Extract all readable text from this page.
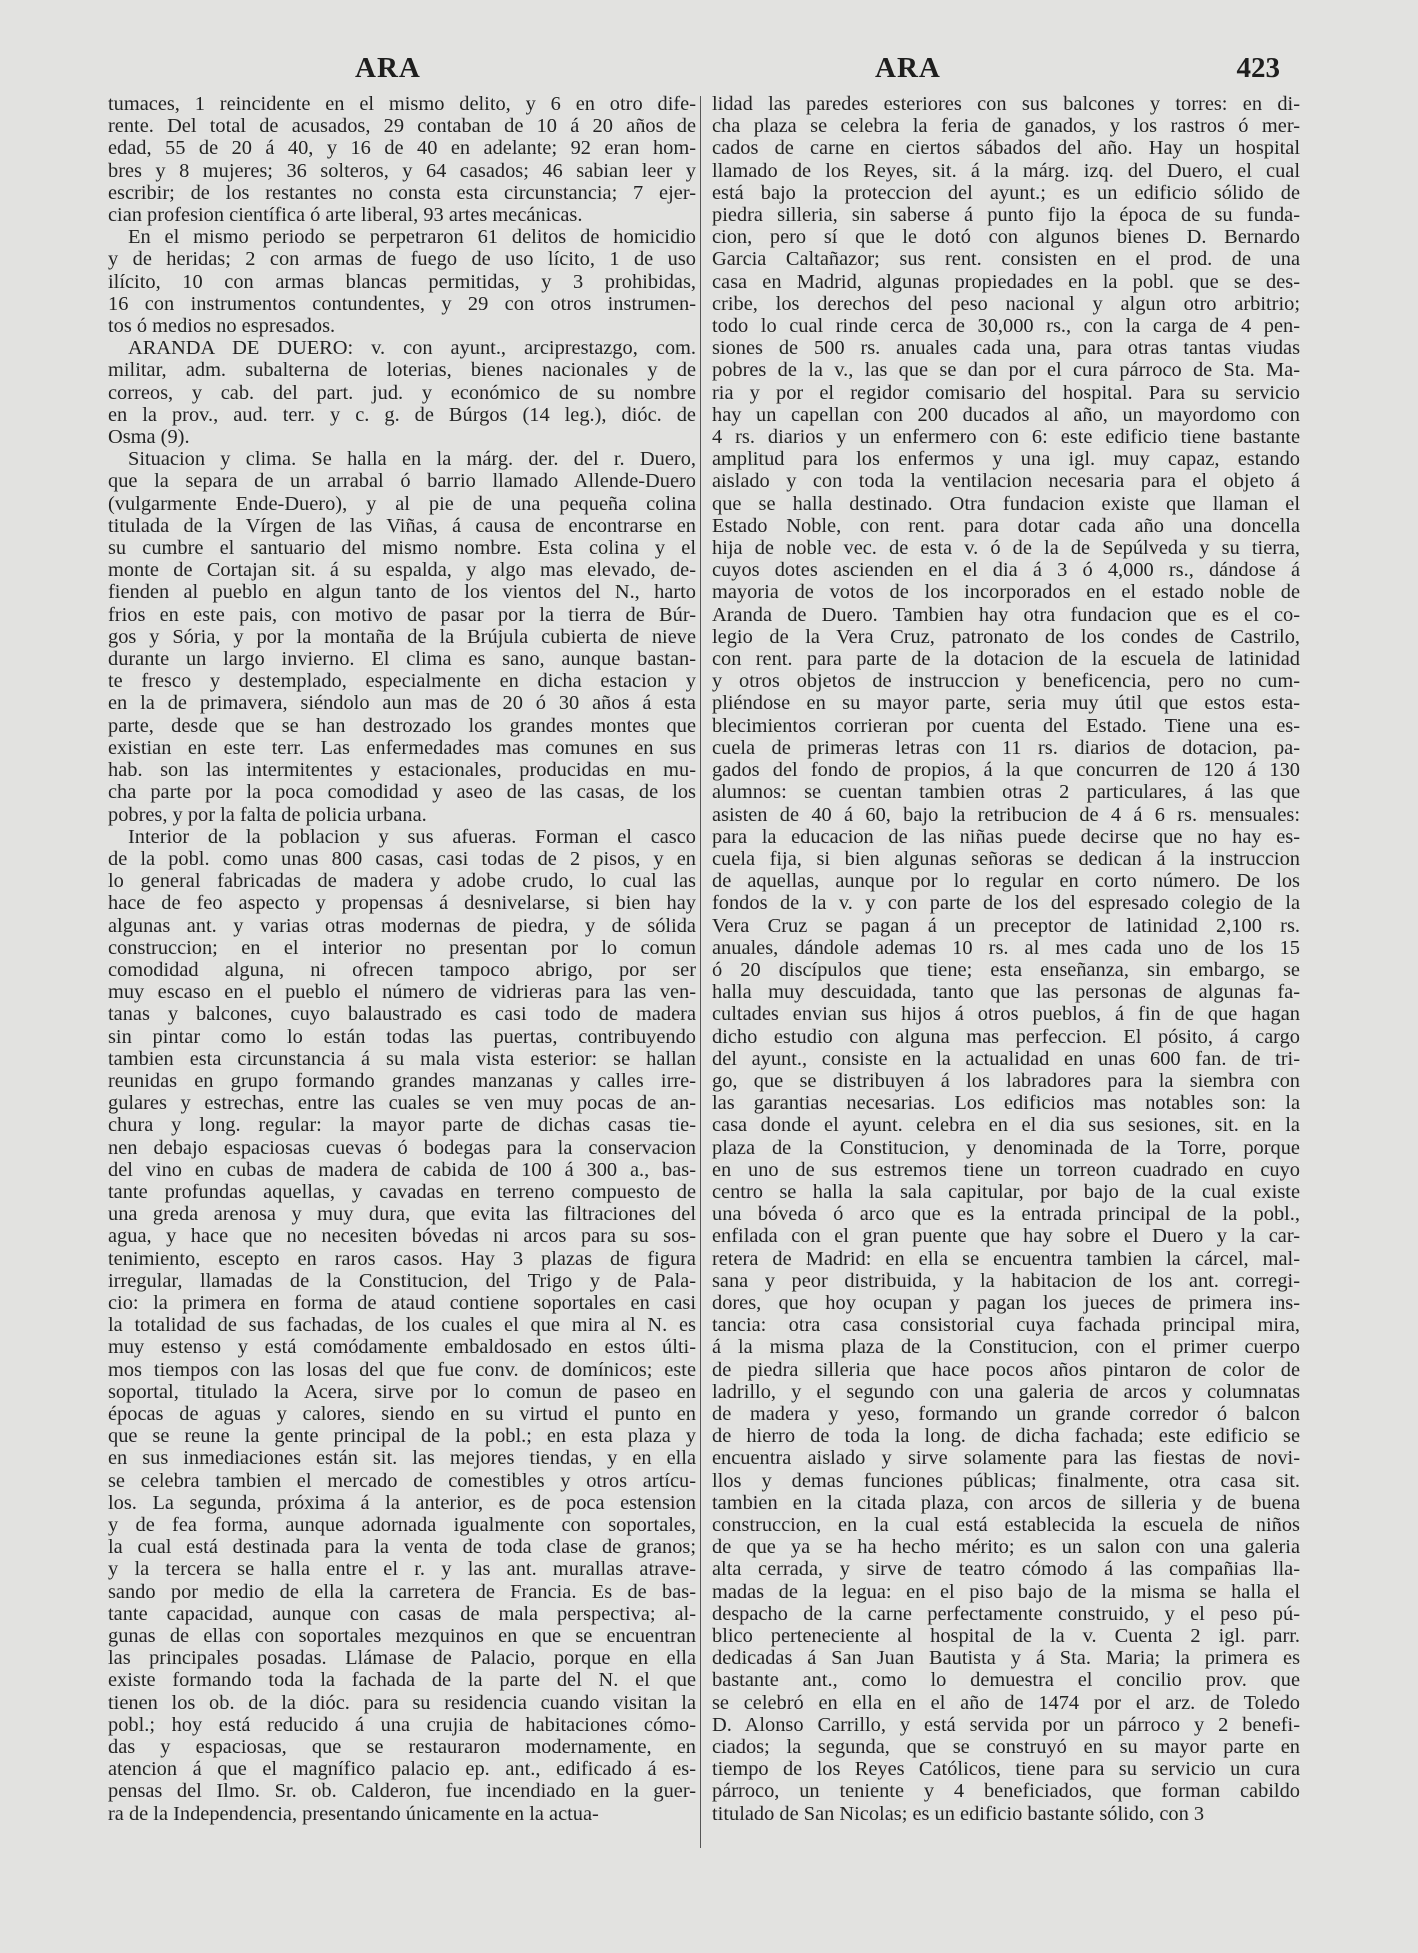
ARA	ARA	423

tumaces, 1 reincidente en el mismo delito, y 6 en otro dife-
rente. Del total de acusados, 29 contaban de 10 á 20 años de
edad, 55 de 20 á 40, y 16 de 40 en adelante; 92 eran hom-
bres y 8 mujeres; 36 solteros, y 64 casados; 46 sabian leer y
escribir; de los restantes no consta esta circunstancia; 7 ejer-
cian profesion científica ó arte liberal, 93 artes mecánicas.

En el mismo periodo se perpetraron 61 delitos de homicidio
y de heridas; 2 con armas de fuego de uso lícito, 1 de uso
ilícito, 10 con armas blancas permitidas, y 3 prohibidas,
16 con instrumentos contundentes, y 29 con otros instrumen-
tos ó medios no espresados.

ARANDA DE DUERO: v. con ayunt., arciprestazgo, com.
militar, adm. subalterna de loterias, bienes nacionales y de
correos, y cab. del part. jud. y económico de su nombre
en la prov., aud. terr. y c. g. de Búrgos (14 leg.), dióc. de
Osma (9).

Situacion y clima. Se halla en la márg. der. del r. Duero,
que la separa de un arrabal ó barrio llamado Allende-Duero
(vulgarmente Ende-Duero), y al pie de una pequeña colina
titulada de la Vírgen de las Viñas, á causa de encontrarse en
su cumbre el santuario del mismo nombre. Esta colina y el
monte de Cortajan sit. á su espalda, y algo mas elevado, de-
fienden al pueblo en algun tanto de los vientos del N., harto
frios en este pais, con motivo de pasar por la tierra de Búr-
gos y Sória, y por la montaña de la Brújula cubierta de nieve
durante un largo invierno. El clima es sano, aunque bastan-
te fresco y destemplado, especialmente en dicha estacion y
en la de primavera, siéndolo aun mas de 20 ó 30 años á esta
parte, desde que se han destrozado los grandes montes que
existian en este terr. Las enfermedades mas comunes en sus
hab. son las intermitentes y estacionales, producidas en mu-
cha parte por la poca comodidad y aseo de las casas, de los
pobres, y por la falta de policia urbana.

Interior de la poblacion y sus afueras. Forman el casco
de la pobl. como unas 800 casas, casi todas de 2 pisos, y en
lo general fabricadas de madera y adobe crudo, lo cual las
hace de feo aspecto y propensas á desnivelarse, si bien hay
algunas ant. y varias otras modernas de piedra, y de sólida
construccion; en el interior no presentan por lo comun
comodidad alguna, ni ofrecen tampoco abrigo, por ser
muy escaso en el pueblo el número de vidrieras para las ven-
tanas y balcones, cuyo balaustrado es casi todo de madera
sin pintar como lo están todas las puertas, contribuyendo
tambien esta circunstancia á su mala vista esterior: se hallan
reunidas en grupo formando grandes manzanas y calles irre-
gulares y estrechas, entre las cuales se ven muy pocas de an-
chura y long. regular: la mayor parte de dichas casas tie-
nen debajo espaciosas cuevas ó bodegas para la conservacion
del vino en cubas de madera de cabida de 100 á 300 a., bas-
tante profundas aquellas, y cavadas en terreno compuesto de
una greda arenosa y muy dura, que evita las filtraciones del
agua, y hace que no necesiten bóvedas ni arcos para su sos-
tenimiento, escepto en raros casos. Hay 3 plazas de figura
irregular, llamadas de la Constitucion, del Trigo y de Pala-
cio: la primera en forma de ataud contiene soportales en casi
la totalidad de sus fachadas, de los cuales el que mira al N. es
muy estenso y está comódamente embaldosado en estos últi-
mos tiempos con las losas del que fue conv. de domínicos; este
soportal, titulado la Acera, sirve por lo comun de paseo en
épocas de aguas y calores, siendo en su virtud el punto en
que se reune la gente principal de la pobl.; en esta plaza y
en sus inmediaciones están sit. las mejores tiendas, y en ella
se celebra tambien el mercado de comestibles y otros artícu-
los. La segunda, próxima á la anterior, es de poca estension
y de fea forma, aunque adornada igualmente con soportales,
la cual está destinada para la venta de toda clase de granos;
y la tercera se halla entre el r. y las ant. murallas atrave-
sando por medio de ella la carretera de Francia. Es de bas-
tante capacidad, aunque con casas de mala perspectiva; al-
gunas de ellas con soportales mezquinos en que se encuentran
las principales posadas. Llámase de Palacio, porque en ella
existe formando toda la fachada de la parte del N. el que
tienen los ob. de la dióc. para su residencia cuando visitan la
pobl.; hoy está reducido á una crujia de habitaciones cómo-
das y espaciosas, que se restauraron modernamente, en
atencion á que el magnífico palacio ep. ant., edificado á es-
pensas del Ilmo. Sr. ob. Calderon, fue incendiado en la guer-
ra de la Independencia, presentando únicamente en la actua-

lidad las paredes esteriores con sus balcones y torres: en di-
cha plaza se celebra la feria de ganados, y los rastros ó mer-
cados de carne en ciertos sábados del año. Hay un hospital
llamado de los Reyes, sit. á la márg. izq. del Duero, el cual
está bajo la proteccion del ayunt.; es un edificio sólido de
piedra silleria, sin saberse á punto fijo la época de su funda-
cion, pero sí que le dotó con algunos bienes D. Bernardo
Garcia Caltañazor; sus rent. consisten en el prod. de una
casa en Madrid, algunas propiedades en la pobl. que se des-
cribe, los derechos del peso nacional y algun otro arbitrio;
todo lo cual rinde cerca de 30,000 rs., con la carga de 4 pen-
siones de 500 rs. anuales cada una, para otras tantas viudas
pobres de la v., las que se dan por el cura párroco de Sta. Ma-
ria y por el regidor comisario del hospital. Para su servicio
hay un capellan con 200 ducados al año, un mayordomo con
4 rs. diarios y un enfermero con 6: este edificio tiene bastante
amplitud para los enfermos y una igl. muy capaz, estando
aislado y con toda la ventilacion necesaria para el objeto á
que se halla destinado. Otra fundacion existe que llaman el
Estado Noble, con rent. para dotar cada año una doncella
hija de noble vec. de esta v. ó de la de Sepúlveda y su tierra,
cuyos dotes ascienden en el dia á 3 ó 4,000 rs., dándose á
mayoria de votos de los incorporados en el estado noble de
Aranda de Duero. Tambien hay otra fundacion que es el co-
legio de la Vera Cruz, patronato de los condes de Castrilo,
con rent. para parte de la dotacion de la escuela de latinidad
y otros objetos de instruccion y beneficencia, pero no cum-
pliéndose en su mayor parte, seria muy útil que estos esta-
blecimientos corrieran por cuenta del Estado. Tiene una es-
cuela de primeras letras con 11 rs. diarios de dotacion, pa-
gados del fondo de propios, á la que concurren de 120 á 130
alumnos: se cuentan tambien otras 2 particulares, á las que
asisten de 40 á 60, bajo la retribucion de 4 á 6 rs. mensuales:
para la educacion de las niñas puede decirse que no hay es-
cuela fija, si bien algunas señoras se dedican á la instruccion
de aquellas, aunque por lo regular en corto número. De los
fondos de la v. y con parte de los del espresado colegio de la
Vera Cruz se pagan á un preceptor de latinidad 2,100 rs.
anuales, dándole ademas 10 rs. al mes cada uno de los 15
ó 20 discípulos que tiene; esta enseñanza, sin embargo, se
halla muy descuidada, tanto que las personas de algunas fa-
cultades envian sus hijos á otros pueblos, á fin de que hagan
dicho estudio con alguna mas perfeccion. El pósito, á cargo
del ayunt., consiste en la actualidad en unas 600 fan. de tri-
go, que se distribuyen á los labradores para la siembra con
las garantias necesarias. Los edificios mas notables son: la
casa donde el ayunt. celebra en el dia sus sesiones, sit. en la
plaza de la Constitucion, y denominada de la Torre, porque
en uno de sus estremos tiene un torreon cuadrado en cuyo
centro se halla la sala capitular, por bajo de la cual existe
una bóveda ó arco que es la entrada principal de la pobl.,
enfilada con el gran puente que hay sobre el Duero y la car-
retera de Madrid: en ella se encuentra tambien la cárcel, mal-
sana y peor distribuida, y la habitacion de los ant. corregi-
dores, que hoy ocupan y pagan los jueces de primera ins-
tancia: otra casa consistorial cuya fachada principal mira,
á la misma plaza de la Constitucion, con el primer cuerpo
de piedra silleria que hace pocos años pintaron de color de
ladrillo, y el segundo con una galeria de arcos y columnatas
de madera y yeso, formando un grande corredor ó balcon
de hierro de toda la long. de dicha fachada; este edificio se
encuentra aislado y sirve solamente para las fiestas de novi-
llos y demas funciones públicas; finalmente, otra casa sit.
tambien en la citada plaza, con arcos de silleria y de buena
construccion, en la cual está establecida la escuela de niños
de que ya se ha hecho mérito; es un salon con una galeria
alta cerrada, y sirve de teatro cómodo á las compañias lla-
madas de la legua: en el piso bajo de la misma se halla el
despacho de la carne perfectamente construido, y el peso pú-
blico perteneciente al hospital de la v. Cuenta 2 igl. parr.
dedicadas á San Juan Bautista y á Sta. Maria; la primera es
bastante ant., como lo demuestra el concilio prov. que
se celebró en ella en el año de 1474 por el arz. de Toledo
D. Alonso Carrillo, y está servida por un párroco y 2 benefi-
ciados; la segunda, que se construyó en su mayor parte en
tiempo de los Reyes Católicos, tiene para su servicio un cura
párroco, un teniente y 4 beneficiados, que forman cabildo
titulado de San Nicolas; es un edificio bastante sólido, con 3
